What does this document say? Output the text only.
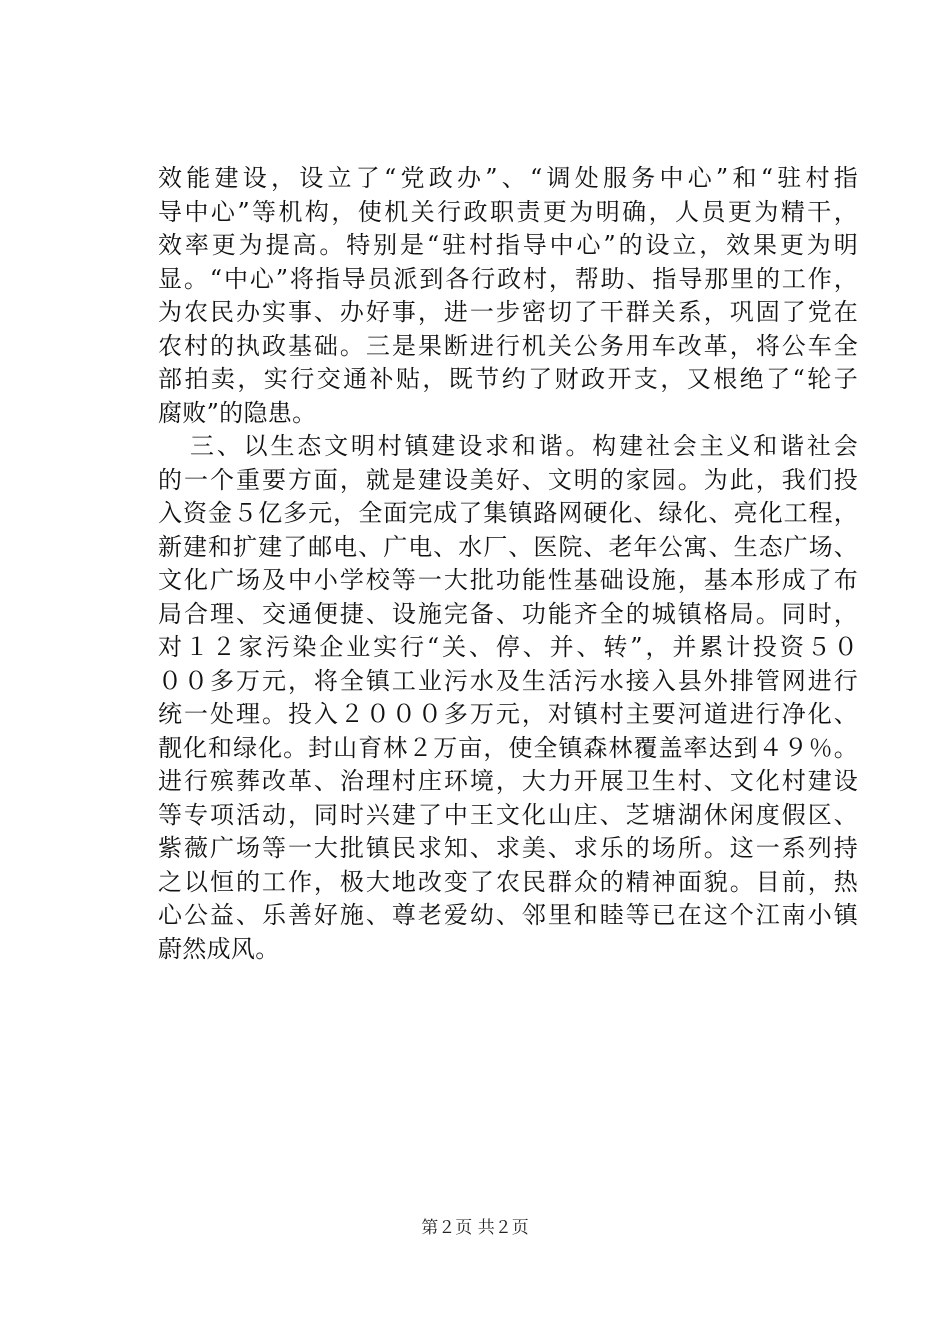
效能建设，设立了“党政办”、“调处服务中心”和“驻村指
导中心”等机构，使机关行政职责更为明确，人员更为精干，
效率更为提高。特别是“驻村指导中心”的设立，效果更为明
显。“中心”将指导员派到各行政村，帮助、指导那里的工作，
为农民办实事、办好事，进一步密切了干群关系，巩固了党在
农村的执政基础。三是果断进行机关公务用车改革，将公车全
部拍卖，实行交通补贴，既节约了财政开支，又根绝了“轮子
腐败”的隐患。
三、以生态文明村镇建设求和谐。构建社会主义和谐社会
的一个重要方面，就是建设美好、文明的家园。为此，我们投
入资金５亿多元，全面完成了集镇路网硬化、绿化、亮化工程，
新建和扩建了邮电、广电、水厂、医院、老年公寓、生态广场、
文化广场及中小学校等一大批功能性基础设施，基本形成了布
局合理、交通便捷、设施完备、功能齐全的城镇格局。同时，
对１２家污染企业实行“关、停、并、转”，并累计投资５０
００多万元，将全镇工业污水及生活污水接入县外排管网进行
统一处理。投入２０００多万元，对镇村主要河道进行净化、
靓化和绿化。封山育林２万亩，使全镇森林覆盖率达到４９％。
进行殡葬改革、治理村庄环境，大力开展卫生村、文化村建设
等专项活动，同时兴建了中王文化山庄、芝塘湖休闲度假区、
紫薇广场等一大批镇民求知、求美、求乐的场所。这一系列持
之以恒的工作，极大地改变了农民群众的精神面貌。目前，热
心公益、乐善好施、尊老爱幼、邻里和睦等已在这个江南小镇
蔚然成风。
第２页 共２页
